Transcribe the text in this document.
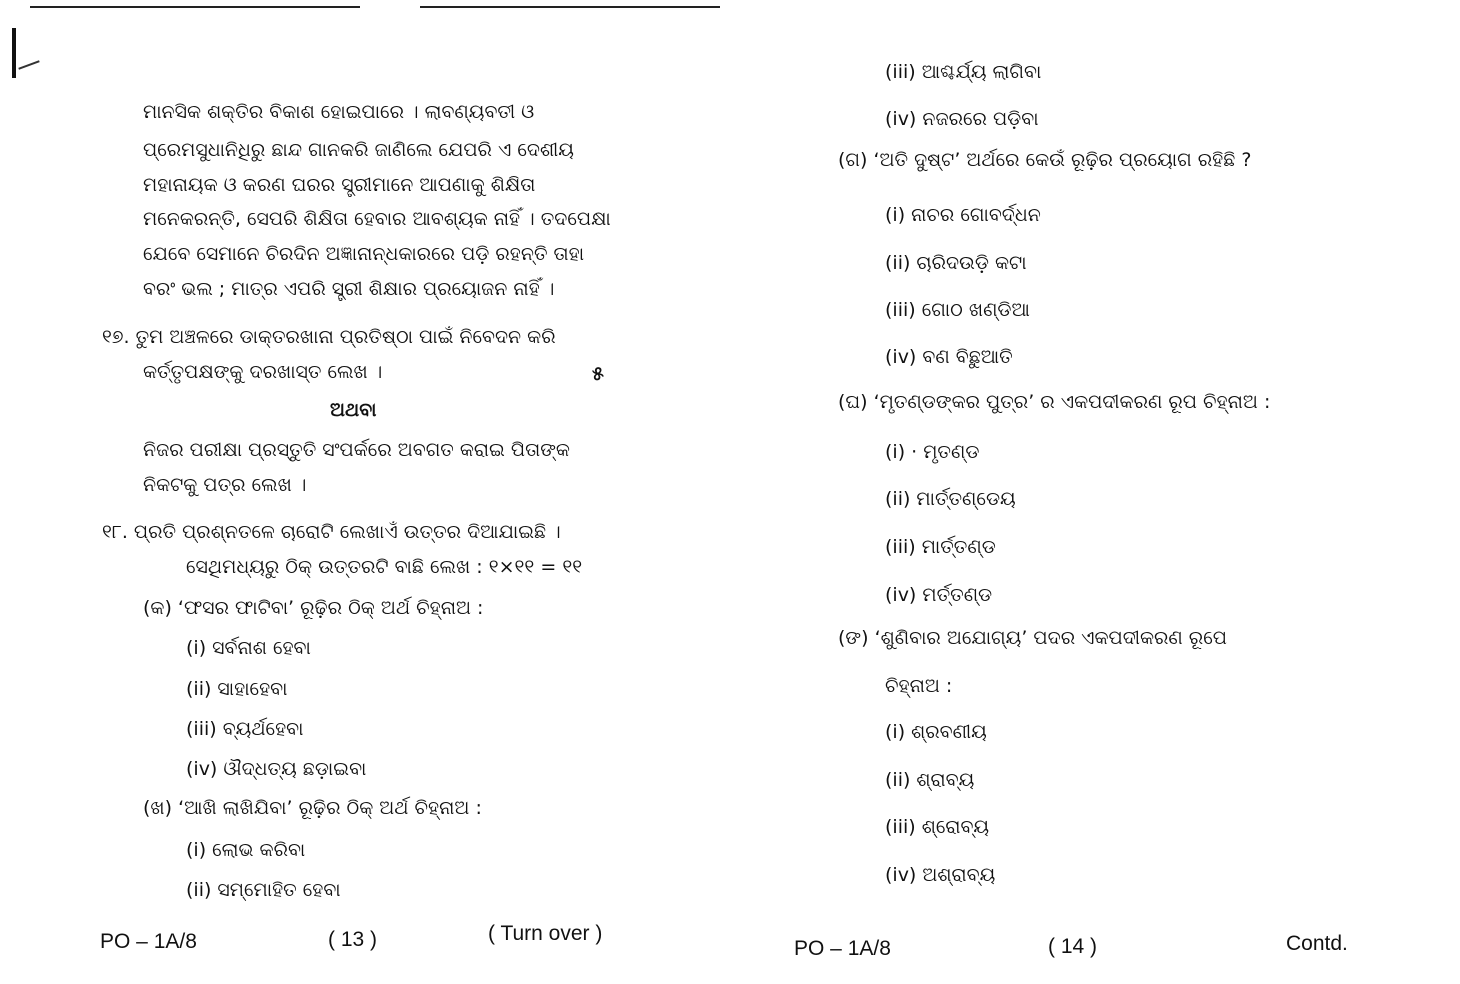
ମାନସିକ ଶକ୍ତିର ବିକାଶ ହୋଇପାରେ । ଲାବଣ୍ୟବତୀ ଓ
ପ୍ରେମସୁଧାନିଧିରୁ ଛାନ୍ଦ ଗାନକରି ଜାଣିଲେ ଯେପରି ଏ ଦେଶୀୟ
ମହାନାୟକ ଓ କରଣ ଘରର ସ୍ତ୍ରୀମାନେ ଆପଣାକୁ ଶିକ୍ଷିତା
ମନେକରନ୍ତି, ସେପରି ଶିକ୍ଷିତା ହେବାର ଆବଶ୍ୟକ ନାହିଁ । ତଦପେକ୍ଷା
ଯେବେ ସେମାନେ ଚିରଦିନ ଅଜ୍ଞାନାନ୍ଧକାରରେ ପଡ଼ି ରହନ୍ତି ତାହା
ବରଂ ଭଲ ; ମାତ୍ର ଏପରି ସ୍ତ୍ରୀ ଶିକ୍ଷାର ପ୍ରୟୋଜନ ନାହିଁ ।
୧୭. ତୁମ ଅଞ୍ଚଳରେ ଡାକ୍ତରଖାନା ପ୍ରତିଷ୍ଠା ପାଇଁ ନିବେଦନ କରି
କର୍ତ୍ତୃପକ୍ଷଙ୍କୁ ଦରଖାସ୍ତ ଲେଖ ।	୫
ଅଥବା
ନିଜର ପରୀକ୍ଷା ପ୍ରସ୍ତୁତି ସଂପର୍କରେ ଅବଗତ କରାଇ ପିତାଙ୍କ
ନିକଟକୁ ପତ୍ର ଲେଖ ।
୧୮. ପ୍ରତି ପ୍ରଶ୍ନତଳେ ଚାରୋଟି ଲେଖାଏଁ ଉତ୍ତର ଦିଆଯାଇଛି ।
ସେଥିମଧ୍ୟରୁ ଠିକ୍ ଉତ୍ତରଟି ବାଛି ଲେଖ : ୧×୧୧ = ୧୧
(କ) ‘ଫସର ଫାଟିବା’ ରୂଢ଼ିର ଠିକ୍ ଅର୍ଥ ଚିହ୍ନାଅ :
(i) ସର୍ବନାଶ ହେବା
(ii) ସାହାହେବା
(iii) ବ୍ୟର୍ଥହେବା
(iv) ଔଦ୍ଧତ୍ୟ ଛଡ଼ାଇବା
(ଖ) ‘ଆଖି ଲାଖିଯିବା’ ରୂଢ଼ିର ଠିକ୍ ଅର୍ଥ ଚିହ୍ନାଅ :
(i) ଲୋଭ କରିବା
(ii) ସମ୍ମୋହିତ ହେବା
PO – 1A/8	( 13 )	( Turn over )
(iii) ଆଶ୍ଚର୍ଯ୍ୟ ଲାଗିବା
(iv) ନଜରରେ ପଡ଼ିବା
(ଗ) ‘ଅତି ଦୁଷ୍ଟ’ ଅର୍ଥରେ କେଉଁ ରୂଢ଼ିର ପ୍ରୟୋଗ ରହିଛି ?
(i) ନାଚର ଗୋବର୍ଦ୍ଧନ
(ii) ଚାରିଦଉଡ଼ି କଟା
(iii) ଗୋଠ ଖଣ୍ଡିଆ
(iv) ବଣ ବିଛୁଆତି
(ଘ) ‘ମୃତଣ୍ଡଙ୍କର ପୁତ୍ର’ ର ଏକପଦୀକରଣ ରୂପ ଚିହ୍ନାଅ :
(i) · ମୃତଣ୍ଡ
(ii) ମାର୍ତ୍ତଣ୍ଡେୟ
(iii) ମାର୍ତ୍ତଣ୍ଡ
(iv) ମର୍ତ୍ତଣ୍ଡ
(ଙ) ‘ଶୁଣିବାର ଅଯୋଗ୍ୟ’ ପଦର ଏକପଦୀକରଣ ରୂପେ
ଚିହ୍ନାଅ :
(i) ଶ୍ରବଣୀୟ
(ii) ଶ୍ରାବ୍ୟ
(iii) ଶ୍ରୋବ୍ୟ
(iv) ଅଶ୍ରାବ୍ୟ
PO – 1A/8	( 14 )	Contd.
